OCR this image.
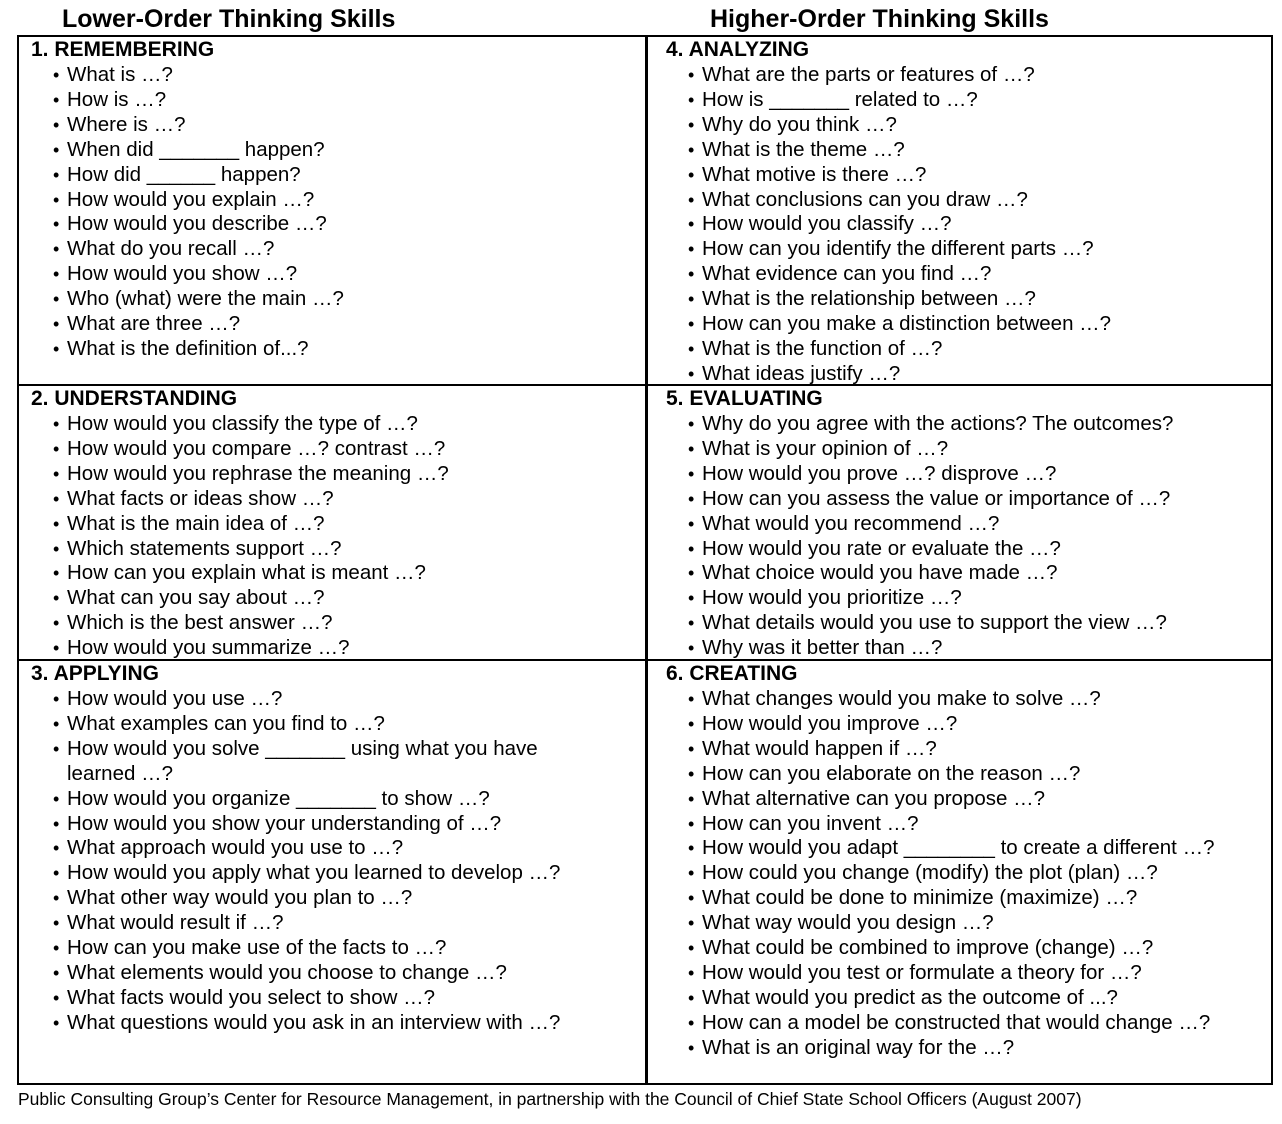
Lower-Order Thinking Skills	Higher-Order Thinking Skills
1. REMEMBERING
• What is …?
• How is …?
• Where is …?
• When did _______ happen?
• How did ______ happen?
• How would you explain …?
• How would you describe …?
• What do you recall …?
• How would you show …?
• Who (what) were the main …?
• What are three …?
• What is the definition of...?
2. UNDERSTANDING
• How would you classify the type of …?
• How would you compare …? contrast …?
• How would you rephrase the meaning …?
• What facts or ideas show …?
• What is the main idea of …?
• Which statements support …?
• How can you explain what is meant …?
• What can you say about …?
• Which is the best answer …?
• How would you summarize …?
3. APPLYING
• How would you use …?
• What examples can you find to …?
• How would you solve _______ using what you have learned …?
• How would you organize _______ to show …?
• How would you show your understanding of …?
• What approach would you use to …?
• How would you apply what you learned to develop …?
• What other way would you plan to …?
• What would result if …?
• How can you make use of the facts to …?
• What elements would you choose to change …?
• What facts would you select to show …?
• What questions would you ask in an interview with …?
4. ANALYZING
• What are the parts or features of …?
• How is _______ related to …?
• Why do you think …?
• What is the theme …?
• What motive is there …?
• What conclusions can you draw …?
• How would you classify …?
• How can you identify the different parts …?
• What evidence can you find …?
• What is the relationship between …?
• How can you make a distinction between …?
• What is the function of …?
• What ideas justify …?
5. EVALUATING
• Why do you agree with the actions? The outcomes?
• What is your opinion of …?
• How would you prove …? disprove …?
• How can you assess the value or importance of …?
• What would you recommend …?
• How would you rate or evaluate the …?
• What choice would you have made …?
• How would you prioritize …?
• What details would you use to support the view …?
• Why was it better than …?
6. CREATING
• What changes would you make to solve …?
• How would you improve …?
• What would happen if …?
• How can you elaborate on the reason …?
• What alternative can you propose …?
• How can you invent …?
• How would you adapt ________ to create a different …?
• How could you change (modify) the plot (plan) …?
• What could be done to minimize (maximize) …?
• What way would you design …?
• What could be combined to improve (change) …?
• How would you test or formulate a theory for …?
• What would you predict as the outcome of ...?
• How can a model be constructed that would change …?
• What is an original way for the …?
Public Consulting Group’s Center for Resource Management, in partnership with the Council of Chief State School Officers (August 2007)
